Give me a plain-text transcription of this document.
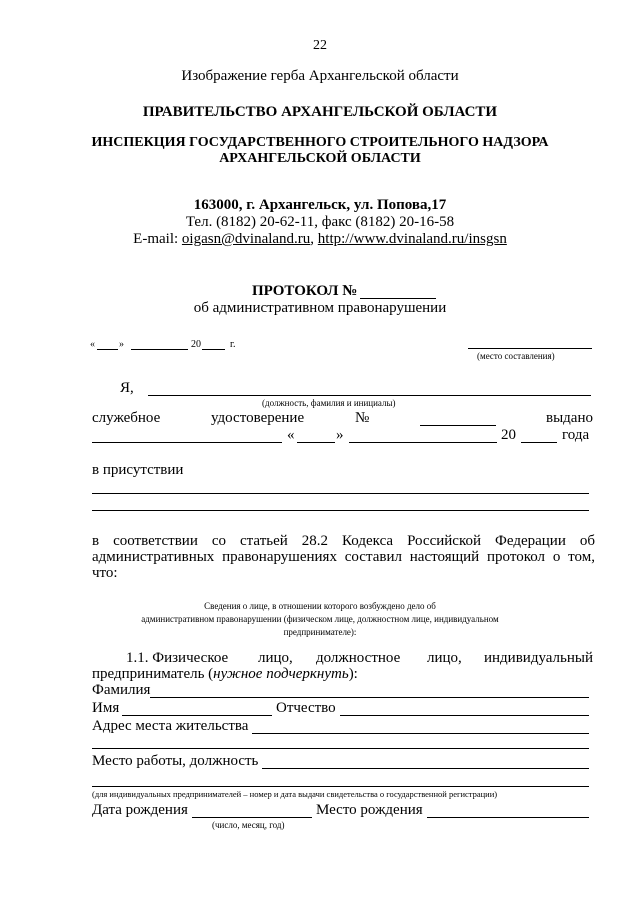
22
Изображение герба Архангельской области
ПРАВИТЕЛЬСТВО АРХАНГЕЛЬСКОЙ ОБЛАСТИ
ИНСПЕКЦИЯ ГОСУДАРСТВЕННОГО СТРОИТЕЛЬНОГО НАДЗОРА
АРХАНГЕЛЬСКОЙ ОБЛАСТИ
163000, г. Архангельск, ул. Попова,17
Тел. (8182) 20-62-11, факс (8182) 20-16-58
E-mail: oigasn@dvinaland.ru, http://www.dvinaland.ru/insgsn
ПРОТОКОЛ №
об административном правонарушении
« »	20	г.
(место составления)
Я,
(должность, фамилия и инициалы)
служебное	удостоверение	№	выдано
«	»	20	года
в присутствии
в соответствии со статьей 28.2 Кодекса Российской Федерации об
административных правонарушениях составил настоящий протокол о том,
что:
Сведения о лице, в отношении которого возбуждено дело об
административном правонарушении (физическом лице, должностном лице, индивидуальном
предпринимателе):
1.1. Физическое лицо, должностное лицо, индивидуальный
предприниматель (нужное подчеркнуть):
Фамилия
Имя	Отчество
Адрес места жительства
Место работы, должность
(для индивидуальных предпринимателей – номер и дата выдачи свидетельства о государственной регистрации)
Дата рождения	Место рождения
(число, месяц, год)
